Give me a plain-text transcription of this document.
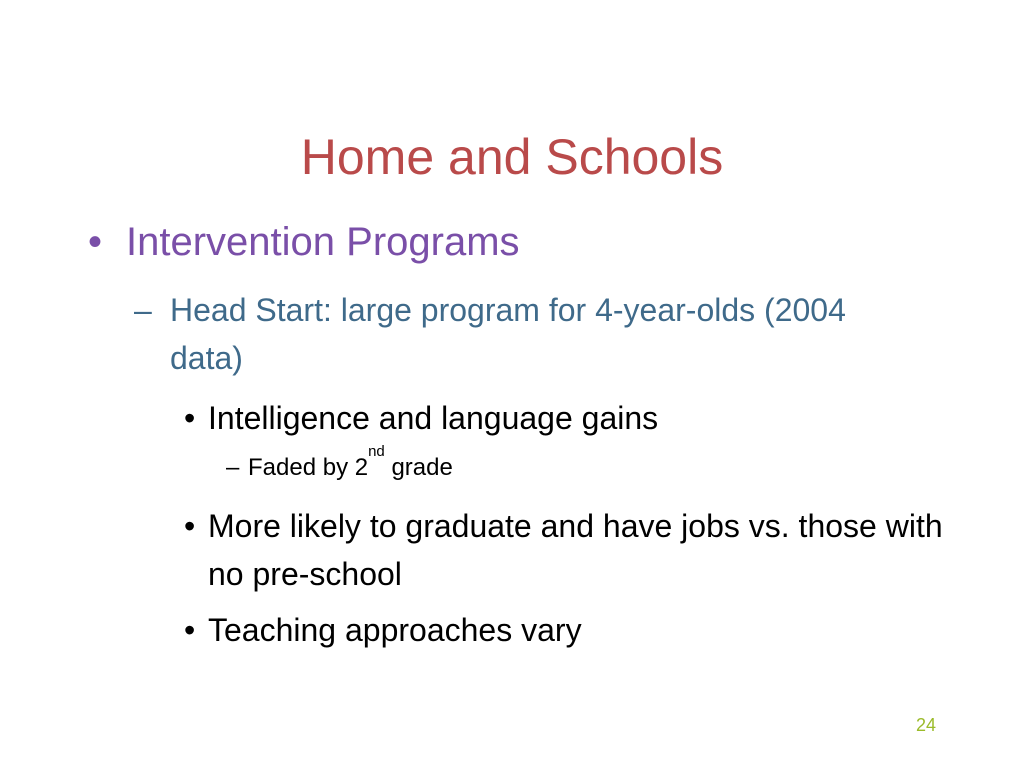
Home and Schools
• Intervention Programs
– Head Start: large program for 4-year-olds (2004 data)
• Intelligence and language gains
– Faded by 2nd grade
• More likely to graduate and have jobs vs. those with no pre-school
• Teaching approaches vary
24
